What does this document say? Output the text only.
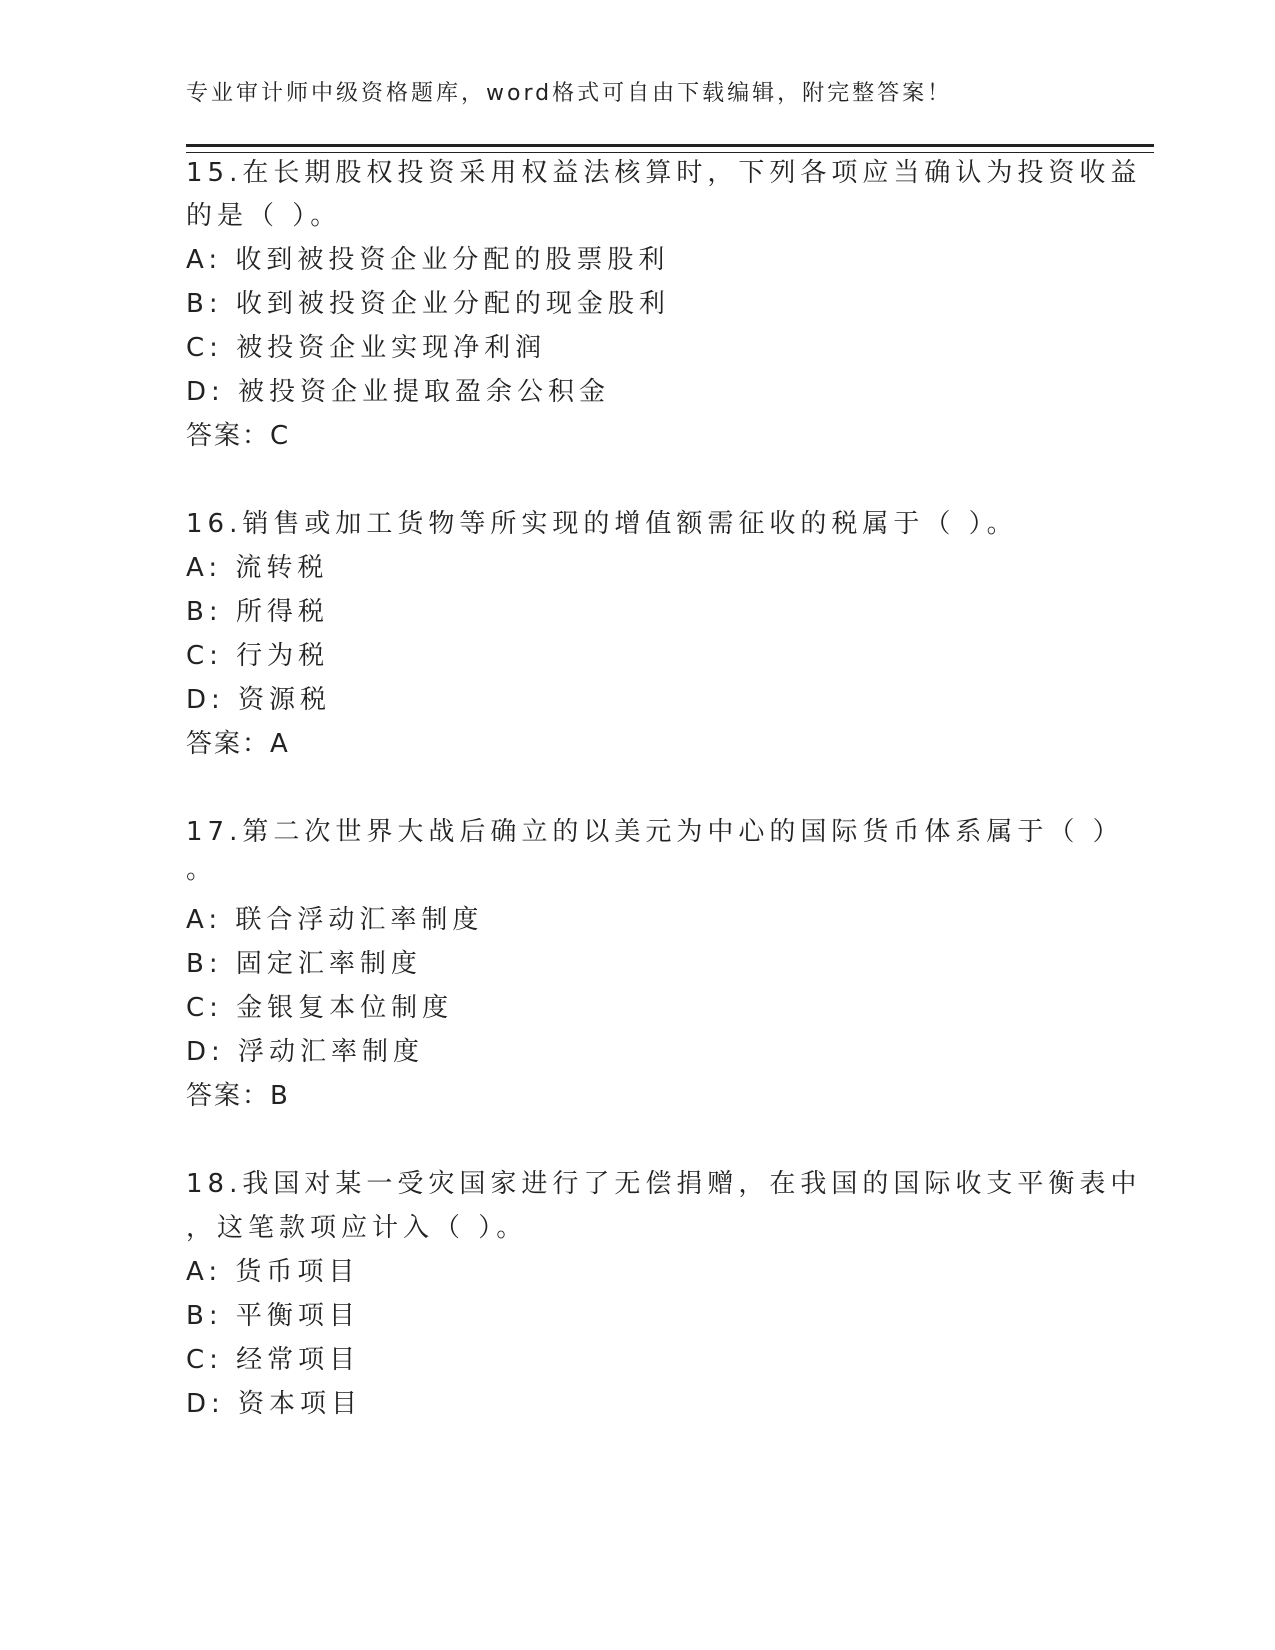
专业审计师中级资格题库，word格式可自由下载编辑，附完整答案！
15.在长期股权投资采用权益法核算时，下列各项应当确认为投资收益
的是（ ）。
A: 收到被投资企业分配的股票股利
B: 收到被投资企业分配的现金股利
C: 被投资企业实现净利润
D: 被投资企业提取盈余公积金
答案：C
16.销售或加工货物等所实现的增值额需征收的税属于（ ）。
A: 流转税
B: 所得税
C: 行为税
D: 资源税
答案：A
17.第二次世界大战后确立的以美元为中心的国际货币体系属于（ ）
。
A: 联合浮动汇率制度
B: 固定汇率制度
C: 金银复本位制度
D: 浮动汇率制度
答案：B
18.我国对某一受灾国家进行了无偿捐赠，在我国的国际收支平衡表中
，这笔款项应计入（ ）。
A: 货币项目
B: 平衡项目
C: 经常项目
D: 资本项目
